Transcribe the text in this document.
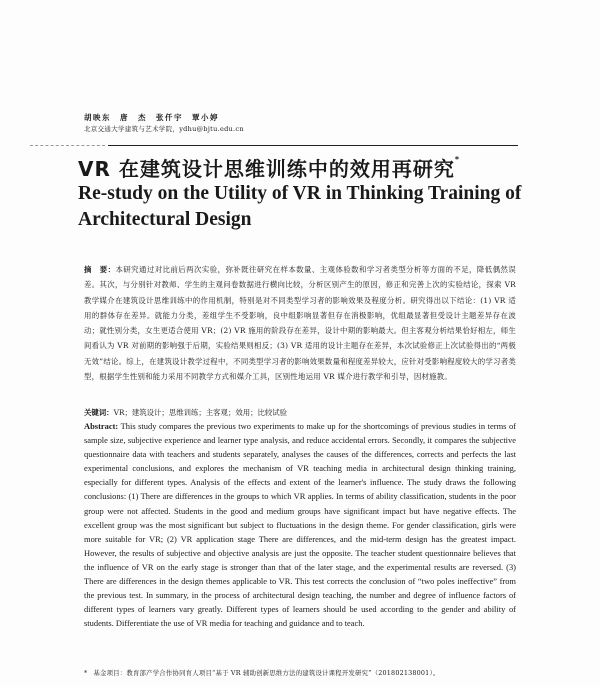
胡映东　唐　杰　张仟宇　覃小婷
北京交通大学建筑与艺术学院，ydhu@bjtu.edu.cn
VR 在建筑设计思维训练中的效用再研究*
Re-study on the Utility of VR in Thinking Training of Architectural Design
摘　要：本研究通过对比前后两次实验，弥补既往研究在样本数量、主观体验数和学习者类型分析等方面的不足，降低偶然误差。其次，与分别针对教师、学生的主观问卷数据进行横向比较，分析区别产生的原因，修正和完善上次的实验结论，探索 VR 教学媒介在建筑设计思维训练中的作用机制，特别是对不同类型学习者的影响效果及程度分析。研究得出以下结论：(1) VR 适用的群体存在差异。就能力分类，差组学生不受影响，良中组影响显著但存在消极影响，优组最显著但受设计主题差异存在波动；就性别分类，女生更适合使用 VR；(2) VR 施用的阶段存在差异，设计中期的影响最大。但主客观分析结果恰好相左，师生间看认为 VR 对前期的影响强于后期，实验结果则相反；(3) VR 适用的设计主题存在差异，本次试验修正上次试验得出的“两极无效”结论。综上，在建筑设计教学过程中，不同类型学习者的影响效果数量和程度差异较大，应针对受影响程度较大的学习者类型，根据学生性别和能力采用不同教学方式和媒介工具，区别性地运用 VR 媒介进行教学和引导，因材施教。
关键词：VR；建筑设计；思维训练；主客观；效用；比较试验
Abstract: This study compares the previous two experiments to make up for the shortcomings of previous studies in terms of sample size, subjective experience and learner type analysis, and reduce accidental errors. Secondly, it compares the subjective questionnaire data with teachers and students separately, analyses the causes of the differences, corrects and perfects the last experimental conclusions, and explores the mechanism of VR teaching media in architectural design thinking training, especially for different types. Analysis of the effects and extent of the learner's influence. The study draws the following conclusions: (1) There are differences in the groups to which VR applies. In terms of ability classification, students in the poor group were not affected. Students in the good and medium groups have significant impact but have negative effects. The excellent group was the most significant but subject to fluctuations in the design theme. For gender classification, girls were more suitable for VR; (2) VR application stage There are differences, and the mid-term design has the greatest impact. However, the results of subjective and objective analysis are just the opposite. The teacher student questionnaire believes that the influence of VR on the early stage is stronger than that of the later stage, and the experimental results are reversed. (3) There are differences in the design themes applicable to VR. This test corrects the conclusion of “two poles ineffective” from the previous test. In summary, in the process of architectural design teaching, the number and degree of influence factors of different types of learners vary greatly. Different types of learners should be used according to the gender and ability of students. Differentiate the use of VR media for teaching and guidance and to teach.
* 基金项目：教育部产学合作协同育人项目“基于 VR 辅助创新思维方法的建筑设计课程开发研究”（201802138001）。
